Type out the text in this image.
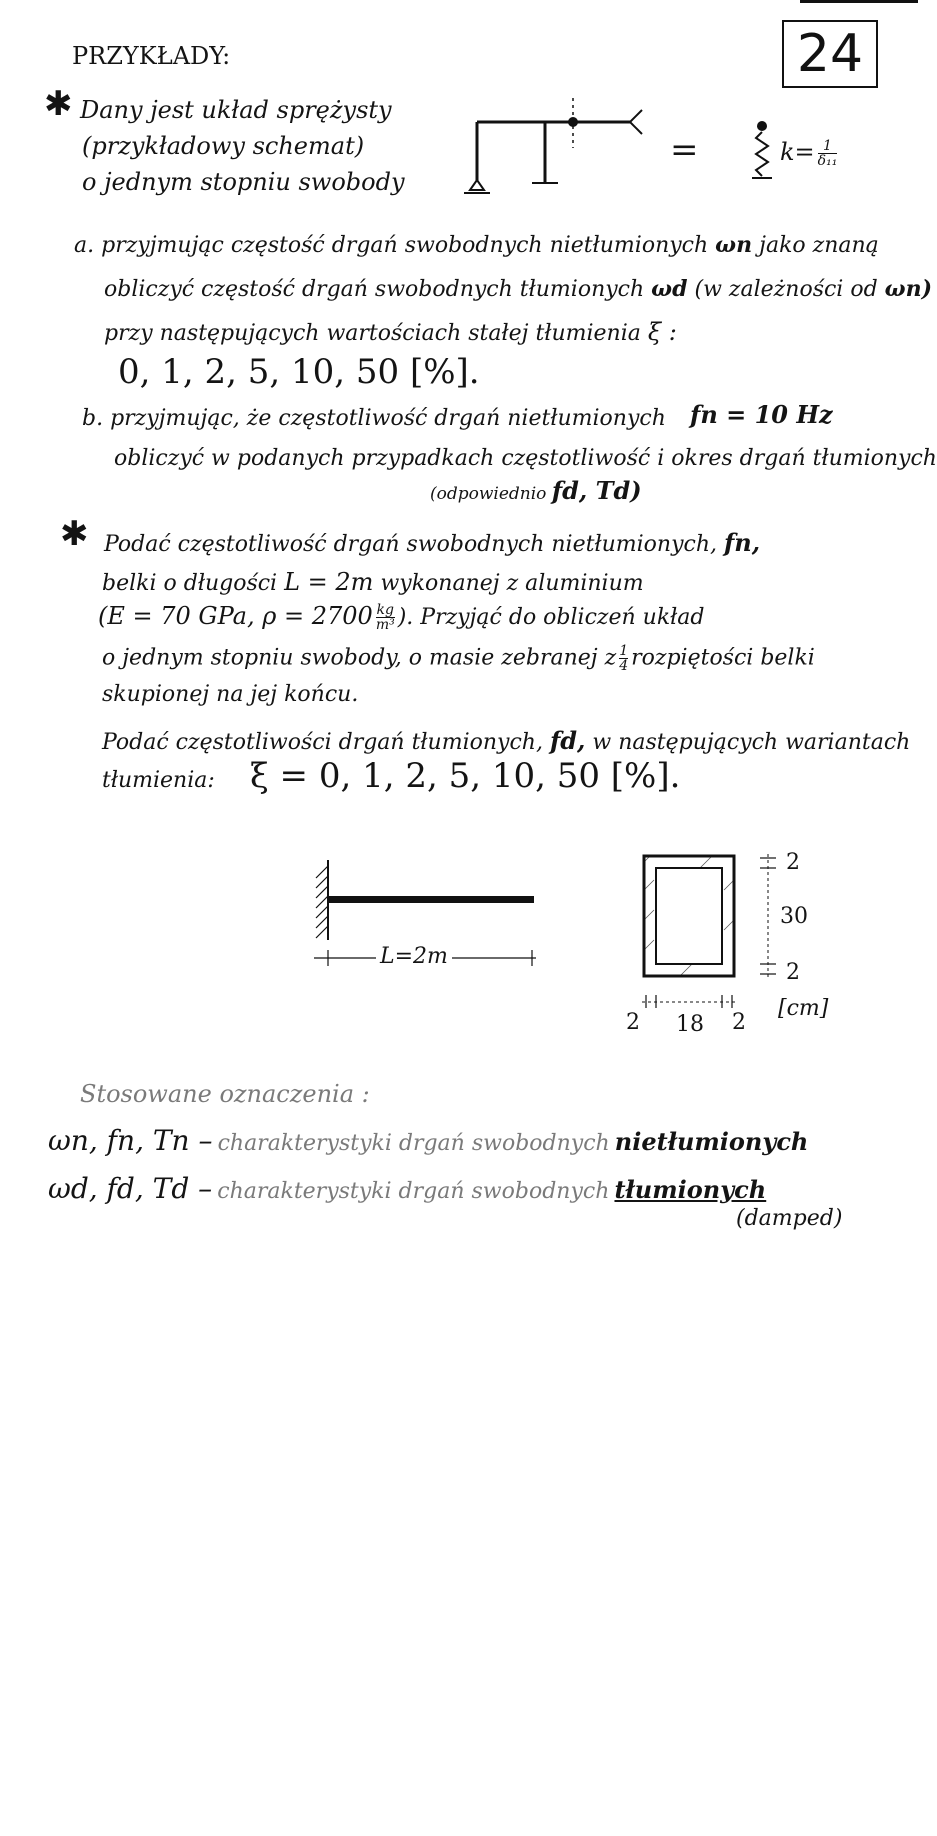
24
PRZYKŁADY:
✱ Dany jest układ sprężysty
(przykładowy schemat)
o jednym stopniu swobody
=	$k= \frac{1}{\text{δ₁₁}}$
a. przyjmując częstość drgań swobodnych nietłumionych ωn jako znaną
obliczyć częstość drgań swobodnych tłumionych ωd (w zależności od ωn)
przy następujących wartościach stałej tłumienia ξ :
0, 1, 2, 5, 10, 50 [%].
b. przyjmując, że częstotliwość drgań nietłumionych fn = 10 Hz
obliczyć w podanych przypadkach częstotliwość i okres drgań tłumionych
(odpowiednio fd, Td)
✱ Podać częstotliwość drgań swobodnych nietłumionych, fn,
belki o długości L = 2m wykonanej z aluminium
(E = 70 GPa, $\rho = 2700 \frac{kg}{\text{m³}}$ ). Przyjąć do obliczeń układ
o jednym stopniu swobody, o masie zebranej z $\frac{1}{4}$ rozpiętości belki
skupionej na jej końcu.
Podać częstotliwości drgań tłumionych, fd, w następujących wariantach
tłumienia: ξ = 0, 1, 2, 5, 10, 50 [%].
L=2m
2
30
2
2 18 2
[cm]
Stosowane oznaczenia :
ωn, fn, Tn – charakterystyki drgań swobodnych nietłumionych
ωd, fd, Td – charakterystyki drgań swobodnych tłumionych
(damped)
